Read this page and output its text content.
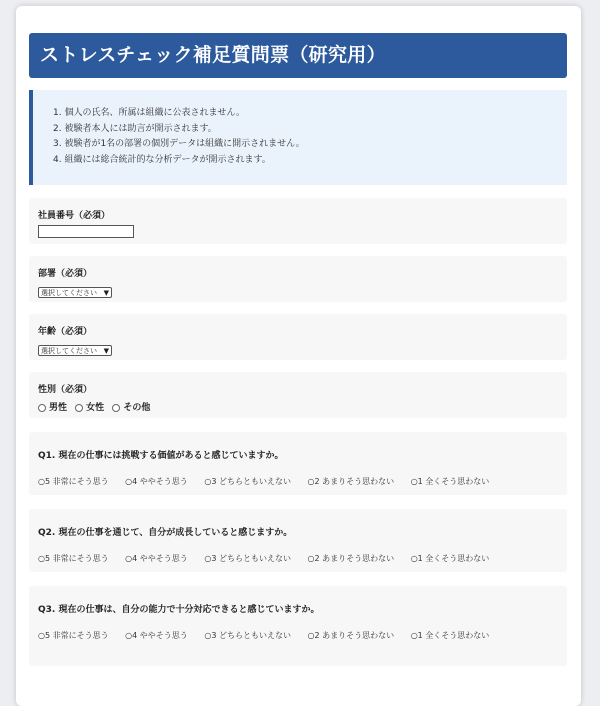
ストレスチェック補足質問票（研究用）
1. 個人の氏名、所属は組織に公表されません。
2. 被験者本人には助言が開示されます。
3. 被験者が1名の部署の個別データは組織に開示されません。
4. 組織には総合統計的な分析データが開示されます。
社員番号（必須）
部署（必須）
選択してください ▼
年齢（必須）
選択してください ▼
性別（必須）
男性 女性 その他
Q1. 現在の仕事には挑戦する価値があると感じていますか。
○5 非常にそう思う ○4 ややそう思う ○3 どちらともいえない ○2 あまりそう思わない ○1 全くそう思わない
Q2. 現在の仕事を通じて、自分が成長していると感じますか。
○5 非常にそう思う ○4 ややそう思う ○3 どちらともいえない ○2 あまりそう思わない ○1 全くそう思わない
Q3. 現在の仕事は、自分の能力で十分対応できると感じていますか。
○5 非常にそう思う ○4 ややそう思う ○3 どちらともいえない ○2 あまりそう思わない ○1 全くそう思わない
